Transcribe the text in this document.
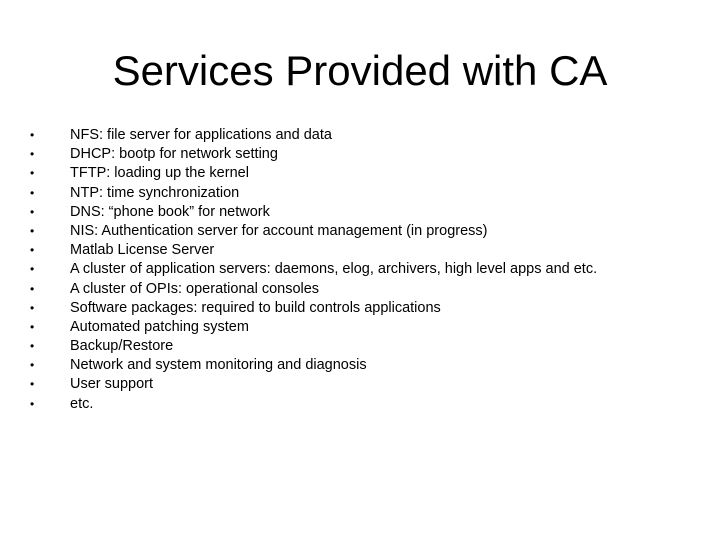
Services Provided with CA
•	NFS: file server for applications and data
•	DHCP: bootp for network setting
•	TFTP: loading up the kernel
•	NTP: time synchronization
•	DNS: “phone book” for network
•	NIS: Authentication server for account management (in progress)
•	Matlab License Server
•	A cluster of application servers: daemons, elog, archivers, high level apps and etc.
•	A cluster of OPIs: operational consoles
•	Software packages: required to build controls applications
•	Automated patching system
•	Backup/Restore
•	Network and system monitoring and diagnosis
•	User support
•	etc.
